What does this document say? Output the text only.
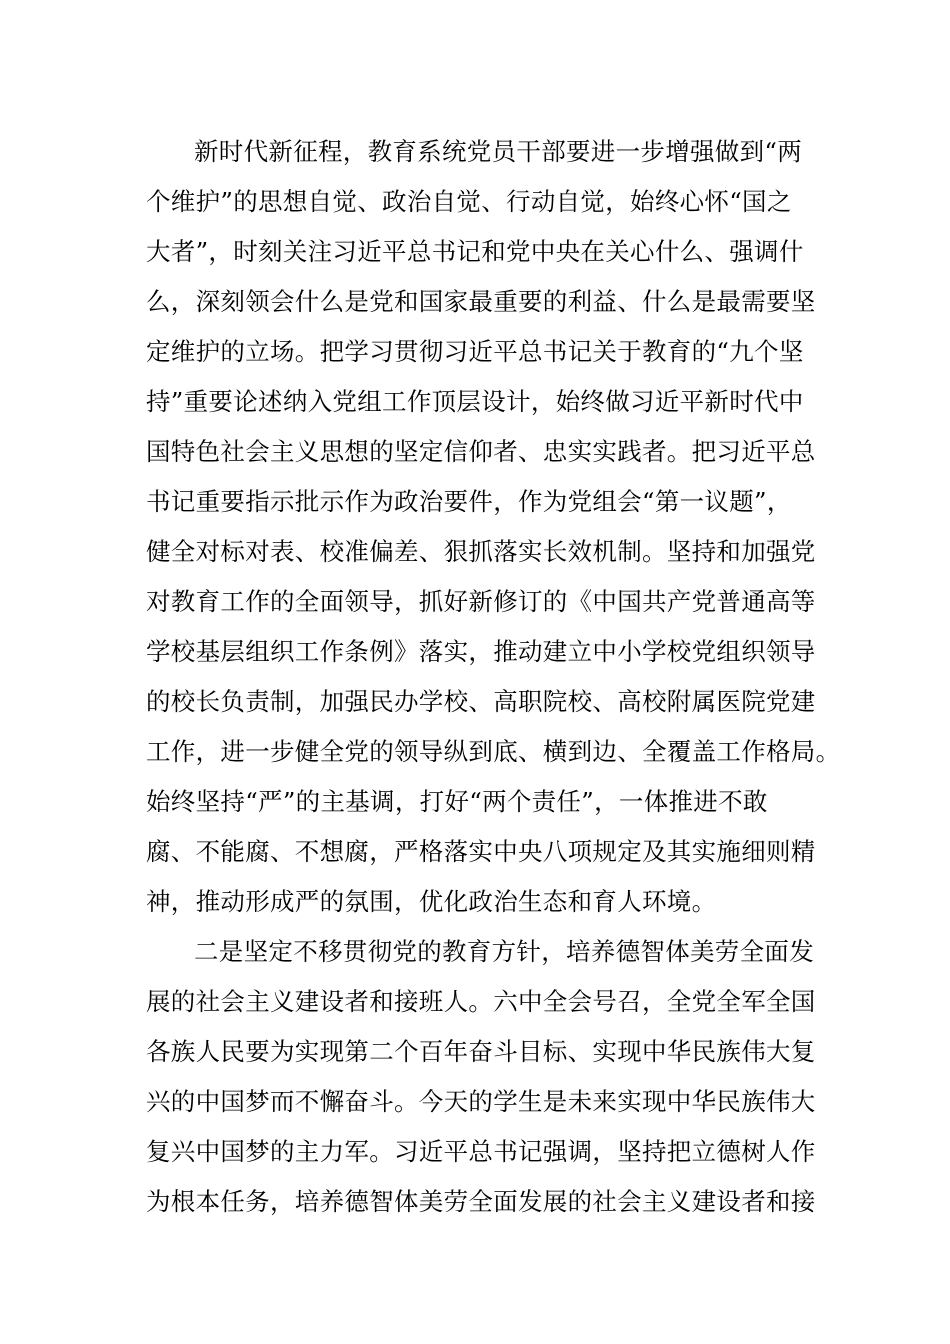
新时代新征程，教育系统党员干部要进一步增强做到“两
个维护”的思想自觉、政治自觉、行动自觉，始终心怀“国之
大者”，时刻关注习近平总书记和党中央在关心什么、强调什
么，深刻领会什么是党和国家最重要的利益、什么是最需要坚
定维护的立场。把学习贯彻习近平总书记关于教育的“九个坚
持”重要论述纳入党组工作顶层设计，始终做习近平新时代中
国特色社会主义思想的坚定信仰者、忠实实践者。把习近平总
书记重要指示批示作为政治要件，作为党组会“第一议题”，
健全对标对表、校准偏差、狠抓落实长效机制。坚持和加强党
对教育工作的全面领导，抓好新修订的《中国共产党普通高等
学校基层组织工作条例》落实，推动建立中小学校党组织领导
的校长负责制，加强民办学校、高职院校、高校附属医院党建
工作，进一步健全党的领导纵到底、横到边、全覆盖工作格局。
始终坚持“严”的主基调，打好“两个责任”，一体推进不敢
腐、不能腐、不想腐，严格落实中央八项规定及其实施细则精
神，推动形成严的氛围，优化政治生态和育人环境。
二是坚定不移贯彻党的教育方针，培养德智体美劳全面发
展的社会主义建设者和接班人。六中全会号召，全党全军全国
各族人民要为实现第二个百年奋斗目标、实现中华民族伟大复
兴的中国梦而不懈奋斗。今天的学生是未来实现中华民族伟大
复兴中国梦的主力军。习近平总书记强调，坚持把立德树人作
为根本任务，培养德智体美劳全面发展的社会主义建设者和接
